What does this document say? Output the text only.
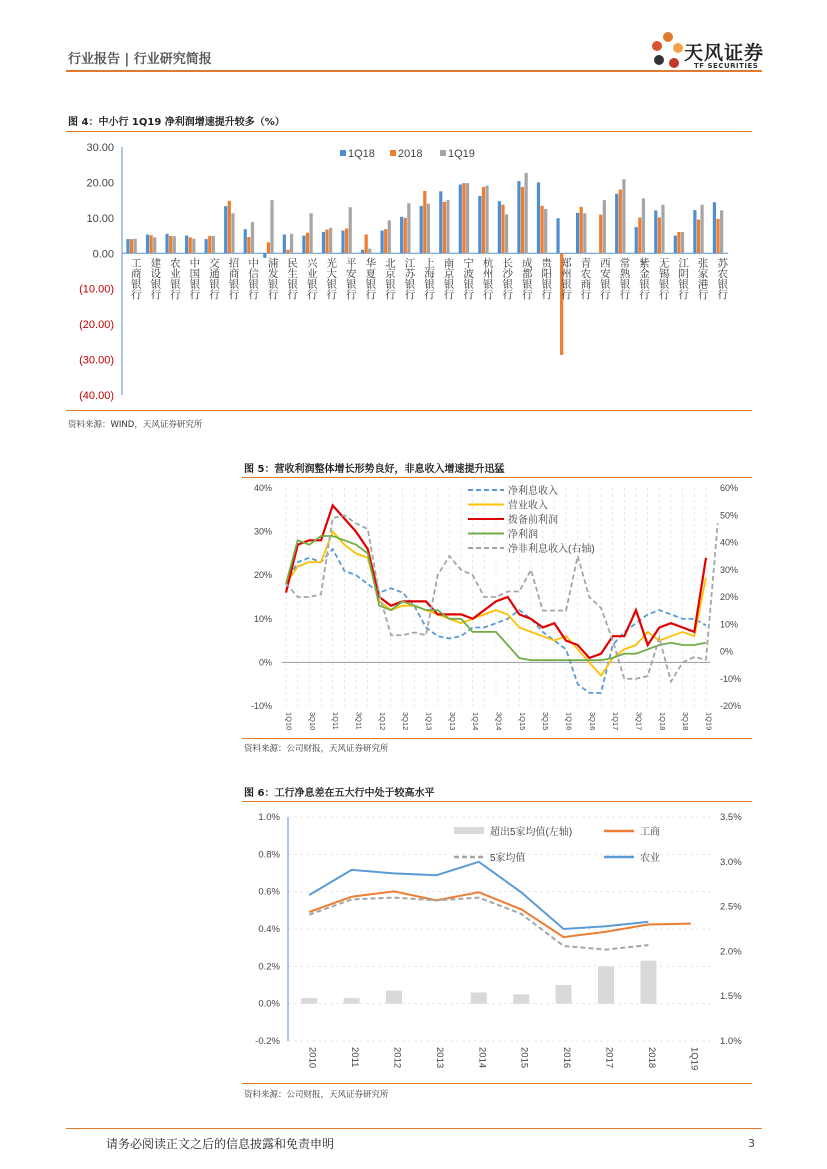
行业报告 | 行业研究简报	天风证券
TF SECURITIES
图 4：中小行 1Q19 净利润增速提升较多（%）
30.00
20.00
10.00
0.00
(10.00)
(20.00)
(30.00)
(40.00)
工商银行 建设银行 农业银行 中国银行 交通银行 招商银行 中信银行 浦发银行 民生银行 兴业银行 光大银行 平安银行 华夏银行 北京银行 江苏银行 上海银行 南京银行 宁波银行 杭州银行 长沙银行 成都银行 贵阳银行 郑州银行 青农商行 西安银行 常熟银行 紫金银行 无锡银行 江阴银行 张家港行 苏农银行
1Q18 2018 1Q19
资料来源：WIND，天风证券研究所
图 5：营收利润整体增长形势良好，非息收入增速提升迅猛
40%
30%
20%
10%
0%
-10%
60%
50%
40%
30%
20%
10%
0%
-10%
-20%
1Q10 3Q10 1Q11 3Q11 1Q12 3Q12 1Q13 3Q13 1Q14 3Q14 1Q15 3Q15 1Q16 3Q16 1Q17 3Q17 1Q18 3Q18 1Q19
净利息收入
营业收入
拨备前利润
净利润
净非利息收入(右轴)
资料来源：公司财报，天风证券研究所
图 6：工行净息差在五大行中处于较高水平
1.0%
0.8%
0.6%
0.4%
0.2%
0.0%
-0.2%
3.5%
3.0%
2.5%
2.0%
1.5%
1.0%
2010	2011	2012	2013	2014	2015	2016	2017	2018	1Q19
超出5家均值(左轴)	工商
5家均值	农业
资料来源：公司财报，天风证券研究所
请务必阅读正文之后的信息披露和免责申明	3
